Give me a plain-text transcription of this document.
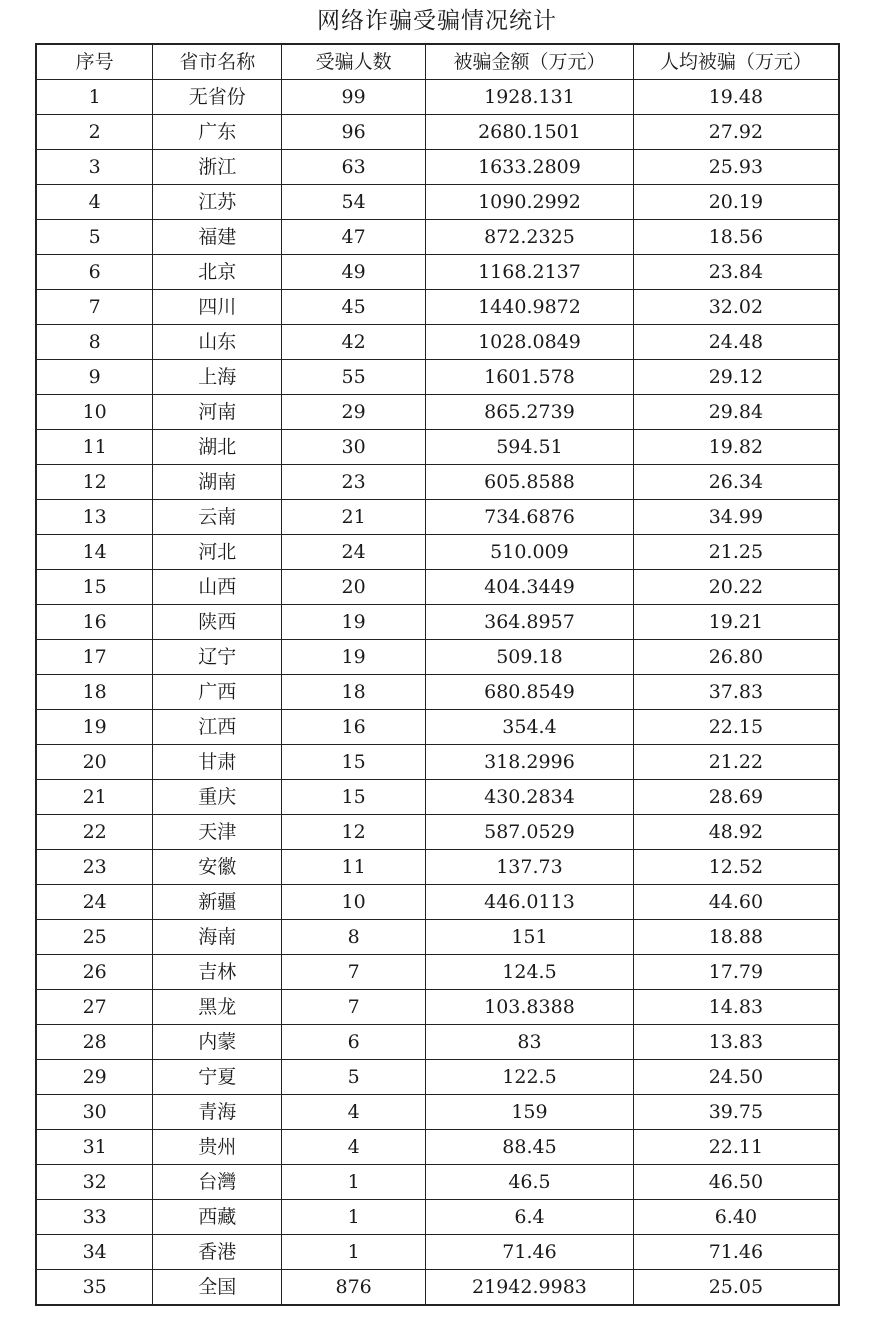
网络诈骗受骗情况统计
序号	省市名称	受骗人数	被骗金额（万元）	人均被骗（万元）
1	无省份	99	1928.131	19.48
2	广东	96	2680.1501	27.92
3	浙江	63	1633.2809	25.93
4	江苏	54	1090.2992	20.19
5	福建	47	872.2325	18.56
6	北京	49	1168.2137	23.84
7	四川	45	1440.9872	32.02
8	山东	42	1028.0849	24.48
9	上海	55	1601.578	29.12
10	河南	29	865.2739	29.84
11	湖北	30	594.51	19.82
12	湖南	23	605.8588	26.34
13	云南	21	734.6876	34.99
14	河北	24	510.009	21.25
15	山西	20	404.3449	20.22
16	陕西	19	364.8957	19.21
17	辽宁	19	509.18	26.80
18	广西	18	680.8549	37.83
19	江西	16	354.4	22.15
20	甘肃	15	318.2996	21.22
21	重庆	15	430.2834	28.69
22	天津	12	587.0529	48.92
23	安徽	11	137.73	12.52
24	新疆	10	446.0113	44.60
25	海南	8	151	18.88
26	吉林	7	124.5	17.79
27	黑龙	7	103.8388	14.83
28	内蒙	6	83	13.83
29	宁夏	5	122.5	24.50
30	青海	4	159	39.75
31	贵州	4	88.45	22.11
32	台灣	1	46.5	46.50
33	西藏	1	6.4	6.40
34	香港	1	71.46	71.46
35	全国	876	21942.9983	25.05
